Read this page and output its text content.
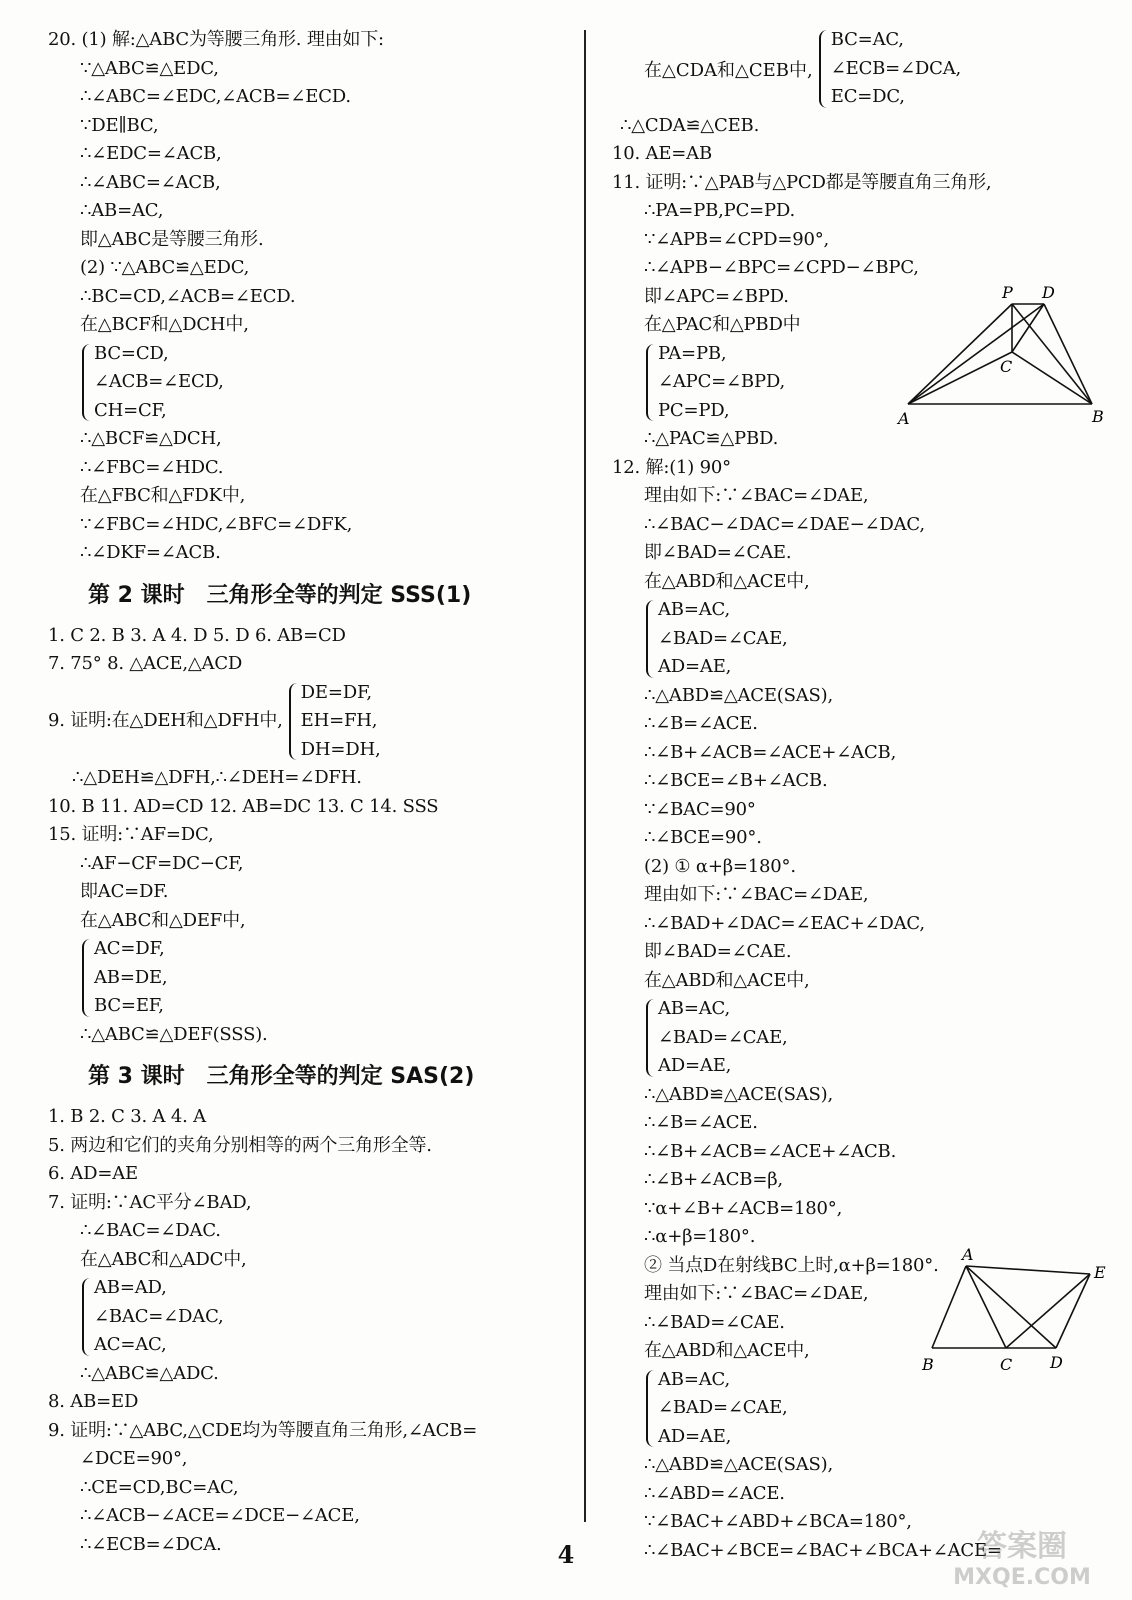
20. (1) 解:△ABC为等腰三角形. 理由如下:
∵△ABC≌△EDC,
∴∠ABC=∠EDC,∠ACB=∠ECD.
∵DE∥BC,
∴∠EDC=∠ACB,
∴∠ABC=∠ACB,
∴AB=AC,
即△ABC是等腰三角形.
(2) ∵△ABC≌△EDC,
∴BC=CD,∠ACB=∠ECD.
在△BCF和△DCH中,
BC=CD,
∠ACB=∠ECD,
CH=CF,
∴△BCF≌△DCH,
∴∠FBC=∠HDC.
在△FBC和△FDK中,
∵∠FBC=∠HDC,∠BFC=∠DFK,
∴∠DKF=∠ACB.
第 2 课时　三角形全等的判定 SSS(1)
1. C 2. B 3. A 4. D 5. D 6. AB=CD
7. 75° 8. △ACE,△ACD
9. 证明:在△DEH和△DFH中,
DE=DF,
EH=FH,
DH=DH,
∴△DEH≌△DFH,∴∠DEH=∠DFH.
10. B 11. AD=CD 12. AB=DC 13. C 14. SSS
15. 证明:∵AF=DC,
∴AF−CF=DC−CF,
即AC=DF.
在△ABC和△DEF中,
AC=DF,
AB=DE,
BC=EF,
∴△ABC≌△DEF(SSS).
第 3 课时　三角形全等的判定 SAS(2)
1. B 2. C 3. A 4. A
5. 两边和它们的夹角分别相等的两个三角形全等.
6. AD=AE
7. 证明:∵AC平分∠BAD,
∴∠BAC=∠DAC.
在△ABC和△ADC中,
AB=AD,
∠BAC=∠DAC,
AC=AC,
∴△ABC≌△ADC.
8. AB=ED
9. 证明:∵△ABC,△CDE均为等腰直角三角形,∠ACB=
∠DCE=90°,
∴CE=CD,BC=AC,
∴∠ACB−∠ACE=∠DCE−∠ACE,
∴∠ECB=∠DCA.
在△CDA和△CEB中,
BC=AC,
∠ECB=∠DCA,
EC=DC,
∴△CDA≌△CEB.
10. AE=AB
11. 证明:∵△PAB与△PCD都是等腰直角三角形,
∴PA=PB,PC=PD.
∵∠APB=∠CPD=90°,
∴∠APB−∠BPC=∠CPD−∠BPC,
即∠APC=∠BPD.
在△PAC和△PBD中
PA=PB,
∠APC=∠BPD,
PC=PD,
∴△PAC≌△PBD.
12. 解:(1) 90°
理由如下:∵∠BAC=∠DAE,
∴∠BAC−∠DAC=∠DAE−∠DAC,
即∠BAD=∠CAE.
在△ABD和△ACE中,
AB=AC,
∠BAD=∠CAE,
AD=AE,
∴△ABD≌△ACE(SAS),
∴∠B=∠ACE.
∴∠B+∠ACB=∠ACE+∠ACB,
∴∠BCE=∠B+∠ACB.
∵∠BAC=90°
∴∠BCE=90°.
(2) ① α+β=180°.
理由如下:∵∠BAC=∠DAE,
∴∠BAD+∠DAC=∠EAC+∠DAC,
即∠BAD=∠CAE.
在△ABD和△ACE中,
AB=AC,
∠BAD=∠CAE,
AD=AE,
∴△ABD≌△ACE(SAS),
∴∠B=∠ACE.
∴∠B+∠ACB=∠ACE+∠ACB.
∴∠B+∠ACB=β,
∵α+∠B+∠ACB=180°,
∴α+β=180°.
② 当点D在射线BC上时,α+β=180°.
理由如下:∵∠BAC=∠DAE,
∴∠BAD=∠CAE.
在△ABD和△ACE中,
AB=AC,
∠BAD=∠CAE,
AD=AE,
∴△ABD≌△ACE(SAS),
∴∠ABD=∠ACE.
∵∠BAC+∠ABD+∠BCA=180°,
∴∠BAC+∠BCE=∠BAC+∠BCA+∠ACE=
P D
C
A	B
A
E
B	C D
4	答案圈
MXQE.COM
